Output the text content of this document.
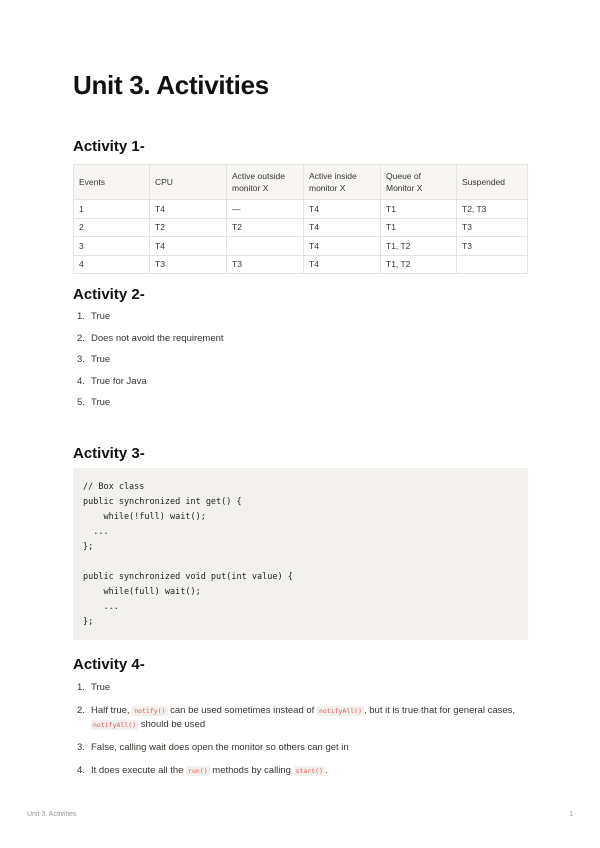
Unit 3. Activities
Activity 1-
Events	CPU	Active outside monitor X	Active inside monitor X	Queue of Monitor X	Suspended
1	T4	—	T4	T1	T2, T3
2	T2	T2	T4	T1	T3
3	T4		T4	T1, T2	T3
4	T3	T3	T4	T1, T2	
Activity 2-
1. True
2. Does not avoid the requirement
3. True
4. True for Java
5. True
Activity 3-
// Box class
public synchronized int get() {
while(!full) wait();
...
};

public synchronized void put(int value) {
while(full) wait();
...
};
Activity 4-
1. True
2. Half true, notify() can be used sometimes instead of notifyAll() , but it is true that for general cases, notifyAll() should be used
3. False, calling wait does open the monitor so others can get in
4. It does execute all the run() methods by calling start() .
Unit 3. Activities	1
